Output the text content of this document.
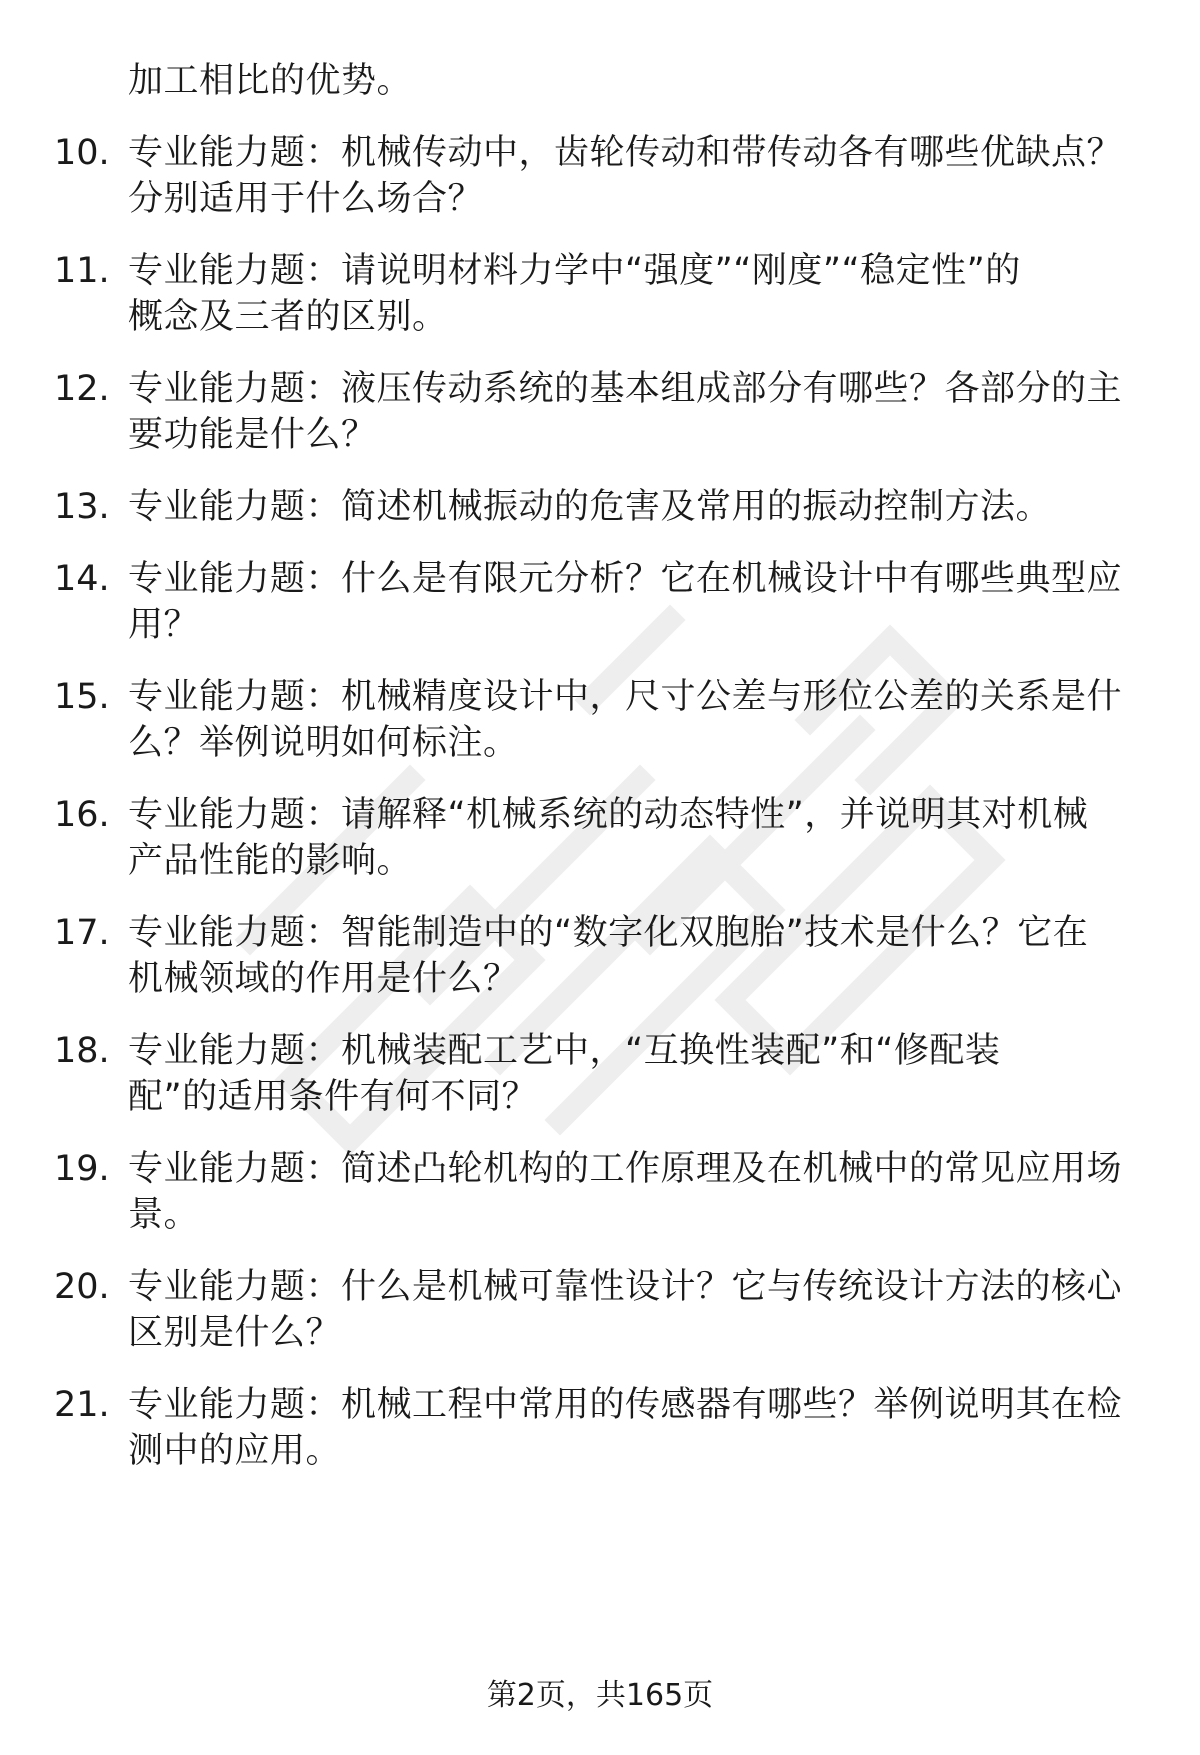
加工相比的优势。
10. 专业能力题：机械传动中，齿轮传动和带传动各有哪些优缺点？
分别适用于什么场合？
11. 专业能力题：请说明材料力学中“强度”“刚度”“稳定性”的
概念及三者的区别。
12. 专业能力题：液压传动系统的基本组成部分有哪些？各部分的主
要功能是什么？
13. 专业能力题：简述机械振动的危害及常用的振动控制方法。
14. 专业能力题：什么是有限元分析？它在机械设计中有哪些典型应
用？
15. 专业能力题：机械精度设计中，尺寸公差与形位公差的关系是什
么？举例说明如何标注。
16. 专业能力题：请解释“机械系统的动态特性”，并说明其对机械
产品性能的影响。
17. 专业能力题：智能制造中的“数字化双胞胎”技术是什么？它在
机械领域的作用是什么？
18. 专业能力题：机械装配工艺中，“互换性装配”和“修配装
配”的适用条件有何不同？
19. 专业能力题：简述凸轮机构的工作原理及在机械中的常见应用场
景。
20. 专业能力题：什么是机械可靠性设计？它与传统设计方法的核心
区别是什么？
21. 专业能力题：机械工程中常用的传感器有哪些？举例说明其在检
测中的应用。
第2页，共165页
